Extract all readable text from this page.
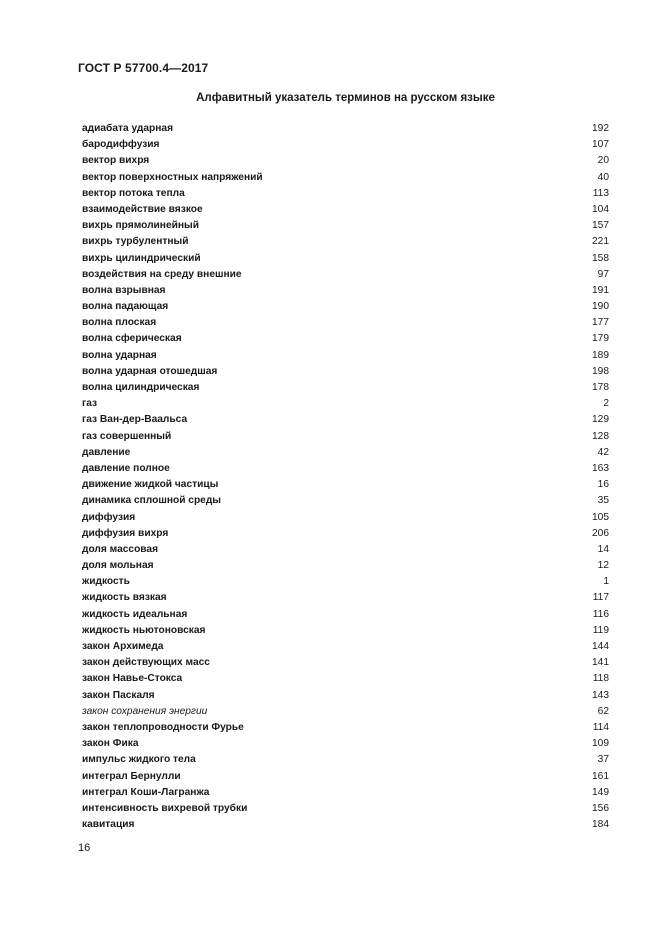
ГОСТ Р 57700.4—2017
Алфавитный указатель терминов на русском языке
адиабата ударная	192
бародиффузия	107
вектор вихря	20
вектор поверхностных напряжений	40
вектор потока тепла	113
взаимодействие вязкое	104
вихрь прямолинейный	157
вихрь турбулентный	221
вихрь цилиндрический	158
воздействия на среду внешние	97
волна взрывная	191
волна падающая	190
волна плоская	177
волна сферическая	179
волна ударная	189
волна ударная отошедшая	198
волна цилиндрическая	178
газ	2
газ Ван-дер-Ваальса	129
газ совершенный	128
давление	42
давление полное	163
движение жидкой частицы	16
динамика сплошной среды	35
диффузия	105
диффузия вихря	206
доля массовая	14
доля мольная	12
жидкость	1
жидкость вязкая	117
жидкость идеальная	116
жидкость ньютоновская	119
закон Архимеда	144
закон действующих масс	141
закон Навье-Стокса	118
закон Паскаля	143
закон сохранения энергии	62
закон теплопроводности Фурье	114
закон Фика	109
импульс жидкого тела	37
интеграл Бернулли	161
интеграл Коши-Лагранжа	149
интенсивность вихревой трубки	156
кавитация	184
16
